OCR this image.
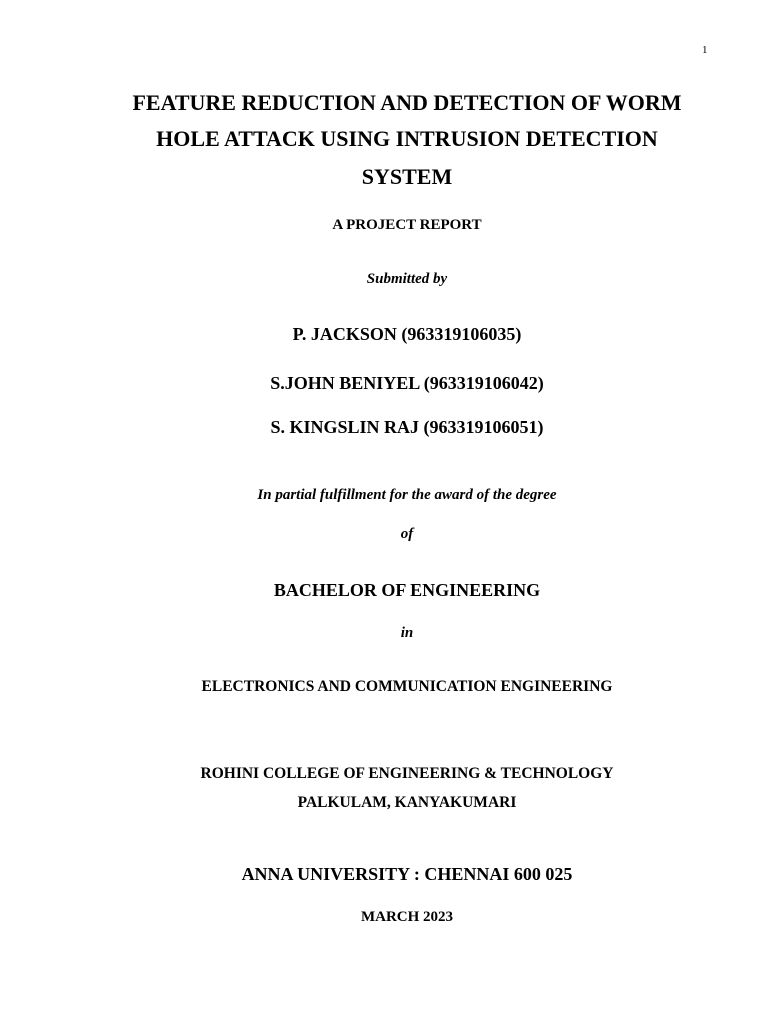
1
FEATURE REDUCTION AND DETECTION OF WORM
HOLE ATTACK USING INTRUSION DETECTION
SYSTEM
A PROJECT REPORT
Submitted by
P. JACKSON (963319106035)
S.JOHN BENIYEL (963319106042)
S. KINGSLIN RAJ (963319106051)
In partial fulfillment for the award of the degree
of
BACHELOR OF ENGINEERING
in
ELECTRONICS AND COMMUNICATION ENGINEERING
ROHINI COLLEGE OF ENGINEERING & TECHNOLOGY
PALKULAM, KANYAKUMARI
ANNA UNIVERSITY : CHENNAI 600 025
MARCH 2023
